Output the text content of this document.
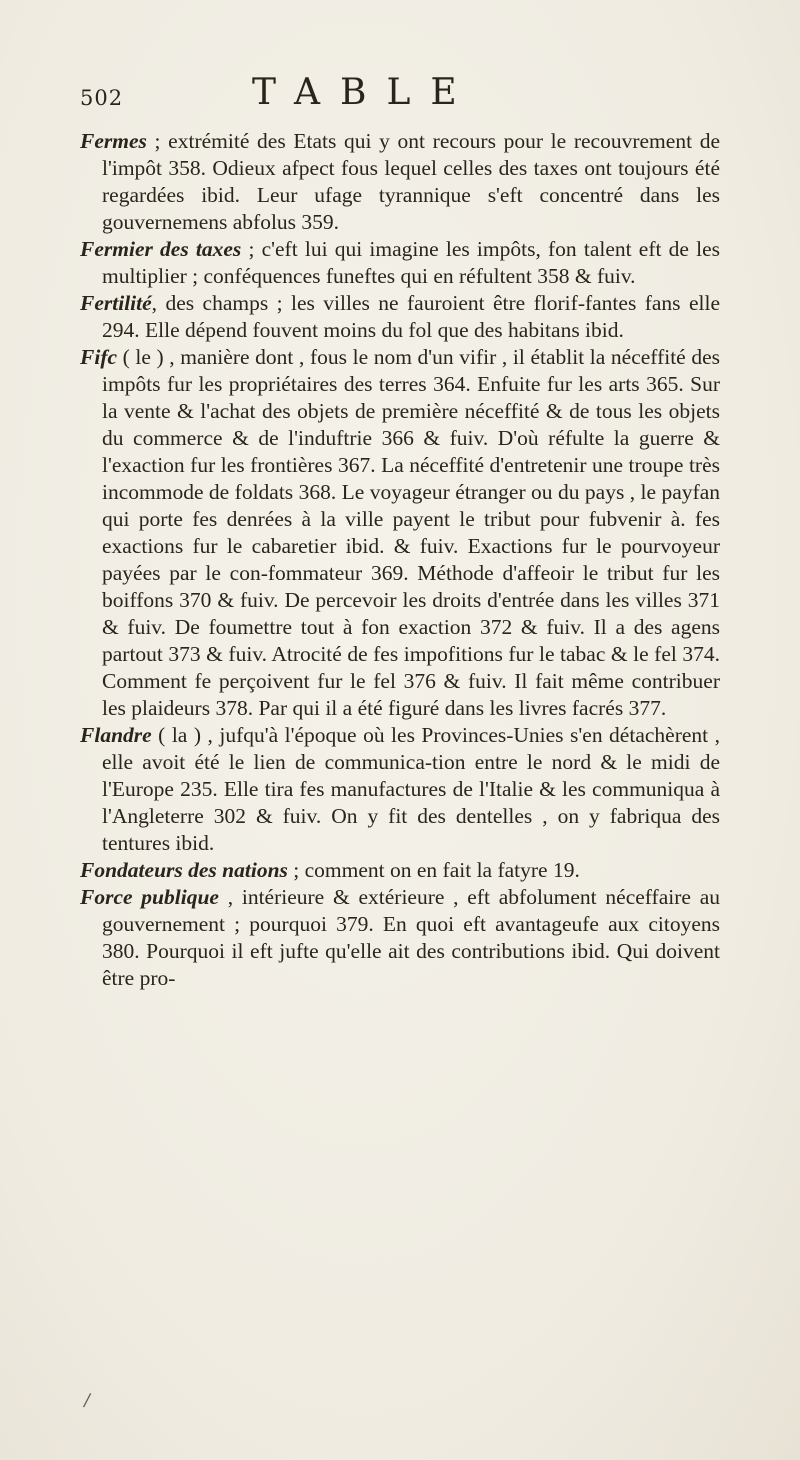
502	TABLE

Fermes ; extrémité des Etats qui y ont recours pour le recouvrement de l'impôt 358. Odieux afpect fous lequel celles des taxes ont toujours été regardées ibid. Leur ufage tyrannique s'eft concentré dans les gouvernemens abfolus 359.

Fermier des taxes ; c'eft lui qui imagine les impôts, fon talent eft de les multiplier ; conféquences funeftes qui en réfultent 358 & fuiv.

Fertilité, des champs ; les villes ne fauroient être florif-fantes fans elle 294. Elle dépend fouvent moins du fol que des habitans ibid.

Fifc ( le ) , manière dont , fous le nom d'un vifir , il établit la néceffité des impôts fur les propriétaires des terres 364. Enfuite fur les arts 365. Sur la vente & l'achat des objets de première néceffité & de tous les objets du commerce & de l'induftrie 366 & fuiv. D'où réfulte la guerre & l'exaction fur les frontières 367. La néceffité d'entretenir une troupe très incommode de foldats 368. Le voyageur étranger ou du pays , le payfan qui porte fes denrées à la ville payent le tribut pour fubvenir à. fes exactions fur le cabaretier ibid. & fuiv. Exactions fur le pourvoyeur payées par le con-fommateur 369. Méthode d'affeoir le tribut fur les boiffons 370 & fuiv. De percevoir les droits d'entrée dans les villes 371 & fuiv. De foumettre tout à fon exaction 372 & fuiv. Il a des agens partout 373 & fuiv. Atrocité de fes impofitions fur le tabac & le fel 374. Comment fe perçoivent fur le fel 376 & fuiv. Il fait même contribuer les plaideurs 378. Par qui il a été figuré dans les livres facrés 377.

Flandre ( la ) , jufqu'à l'époque où les Provinces-Unies s'en détachèrent , elle avoit été le lien de communica-tion entre le nord & le midi de l'Europe 235. Elle tira fes manufactures de l'Italie & les communiqua à l'Angleterre 302 & fuiv. On y fit des dentelles , on y fabriqua des tentures ibid.

Fondateurs des nations ; comment on en fait la fatyre 19.

Force publique , intérieure & extérieure , eft abfolument néceffaire au gouvernement ; pourquoi 379. En quoi eft avantageufe aux citoyens 380. Pourquoi il eft jufte qu'elle ait des contributions ibid. Qui doivent être pro-

/
